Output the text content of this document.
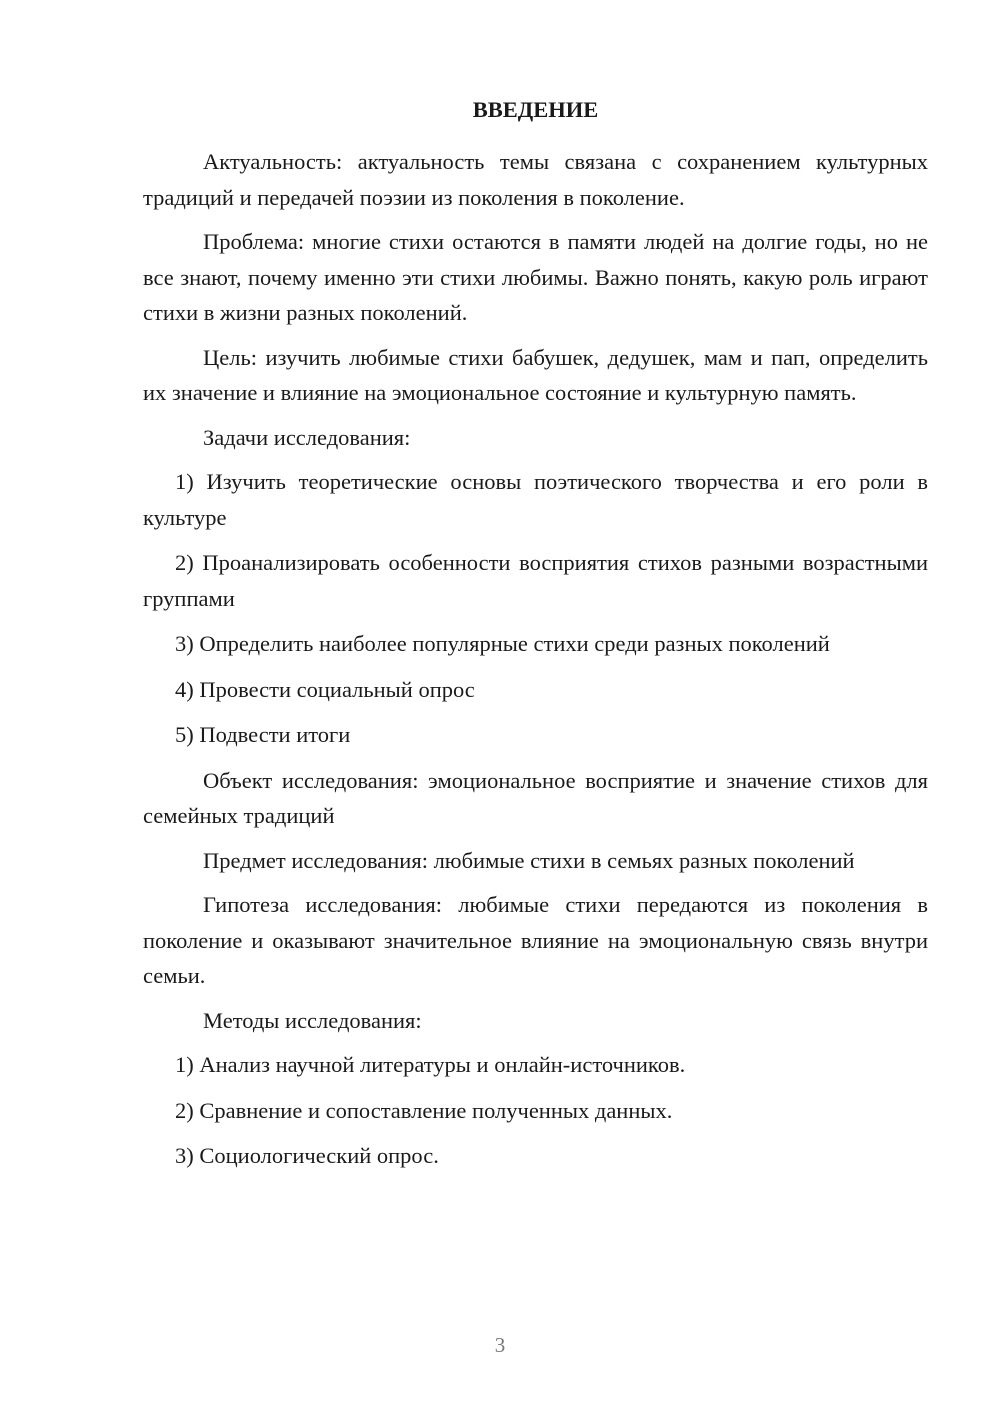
ВВЕДЕНИЕ

Актуальность: актуальность темы связана с сохранением культурных традиций и передачей поэзии из поколения в поколение.

Проблема: многие стихи остаются в памяти людей на долгие годы, но не все знают, почему именно эти стихи любимы. Важно понять, какую роль играют стихи в жизни разных поколений.

Цель: изучить любимые стихи бабушек, дедушек, мам и пап, определить их значение и влияние на эмоциональное состояние и культурную память.

Задачи исследования:

1) Изучить теоретические основы поэтического творчества и его роли в культуре

2) Проанализировать особенности восприятия стихов разными возрастными группами

3) Определить наиболее популярные стихи среди разных поколений

4) Провести социальный опрос

5) Подвести итоги

Объект исследования: эмоциональное восприятие и значение стихов для семейных традиций

Предмет исследования: любимые стихи в семьях разных поколений

Гипотеза исследования: любимые стихи передаются из поколения в поколение и оказывают значительное влияние на эмоциональную связь внутри семьи.

Методы исследования:

1) Анализ научной литературы и онлайн-источников.

2) Сравнение и сопоставление полученных данных.

3) Социологический опрос.

3
